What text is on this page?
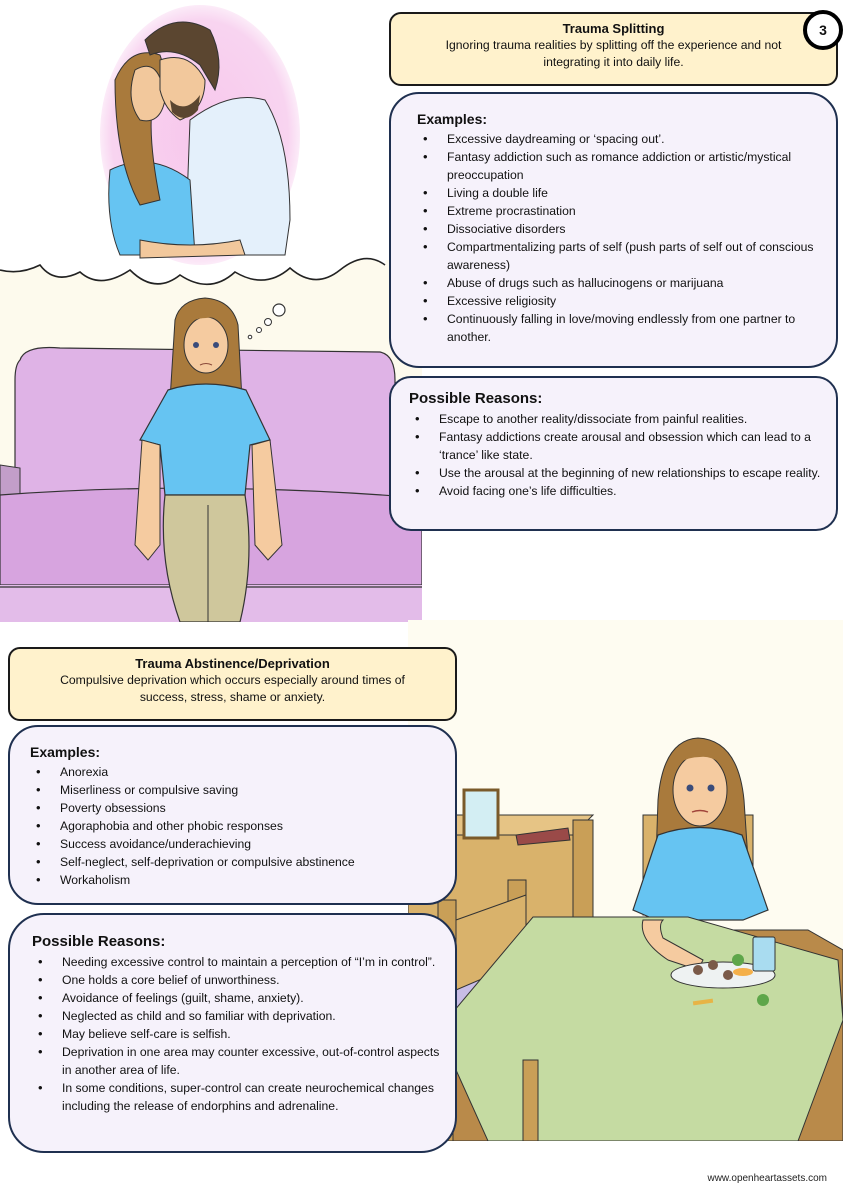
Trauma Splitting
Ignoring trauma realities by splitting off the experience and not integrating it into daily life.
3
Examples:
• Excessive daydreaming or ‘spacing out’.
• Fantasy addiction such as romance addiction or artistic/mystical preoccupation
• Living a double life
• Extreme procrastination
• Dissociative disorders
• Compartmentalizing parts of self (push parts of self out of conscious awareness)
• Abuse of drugs such as hallucinogens or marijuana
• Excessive religiosity
• Continuously falling in love/moving endlessly from one partner to another.
Possible Reasons:
• Escape to another reality/dissociate from painful realities.
• Fantasy addictions create arousal and obsession which can lead to a ‘trance’ like state.
• Use the arousal at the beginning of new relationships to escape reality.
• Avoid facing one’s life difficulties.
Trauma Abstinence/Deprivation
Compulsive deprivation which occurs especially around times of success, stress, shame or anxiety.
Examples:
• Anorexia
• Miserliness or compulsive saving
• Poverty obsessions
• Agoraphobia and other phobic responses
• Success avoidance/underachieving
• Self-neglect, self-deprivation or compulsive abstinence
• Workaholism
Possible Reasons:
• Needing excessive control to maintain a perception of “I’m in control”.
• One holds a core belief of unworthiness.
• Avoidance of feelings (guilt, shame, anxiety).
• Neglected as child and so familiar with deprivation.
• May believe self-care is selfish.
• Deprivation in one area may counter excessive, out-of-control aspects in another area of life.
• In some conditions, super-control can create neurochemical changes including the release of endorphins and adrenaline.
www.openheartassets.com
